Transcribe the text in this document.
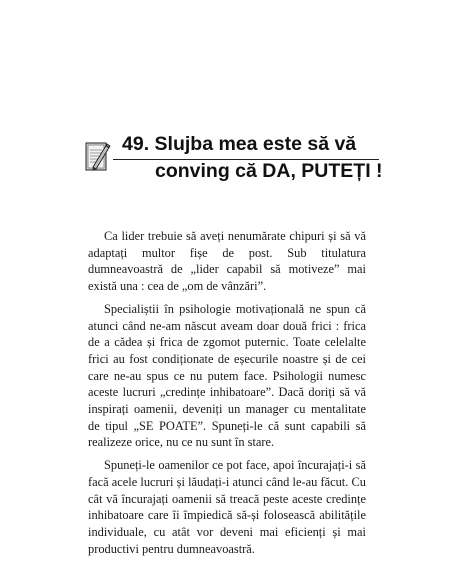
49. Slujba mea este să vă
conving că DA, PUTEȚI !

Ca lider trebuie să aveți nenumărate chipuri și să vă adaptați multor fișe de post. Sub titulatura dumneavoastră de „lider capabil să motiveze” mai există una : cea de „om de vânzări”.

Specialiștii în psihologie motivațională ne spun că atunci când ne-am născut aveam doar două frici : frica de a cădea și frica de zgomot puternic. Toate celelalte frici au fost condiționate de eșecurile noastre și de cei care ne-au spus ce nu putem face. Psihologii numesc aceste lucruri „credințe inhibatoare”. Dacă doriți să vă inspirați oamenii, deveniți un manager cu mentalitate de tipul „SE POATE”. Spuneți-le că sunt capabili să realizeze orice, nu ce nu sunt în stare.

Spuneți-le oamenilor ce pot face, apoi încurajați-i să facă acele lucruri și lăudați-i atunci când le-au făcut. Cu cât vă încurajați oamenii să treacă peste aceste credințe inhibatoare care îi împiedică să-și folosească abilitățile individuale, cu atât vor deveni mai eficienți și mai productivi pentru dumneavoastră.
